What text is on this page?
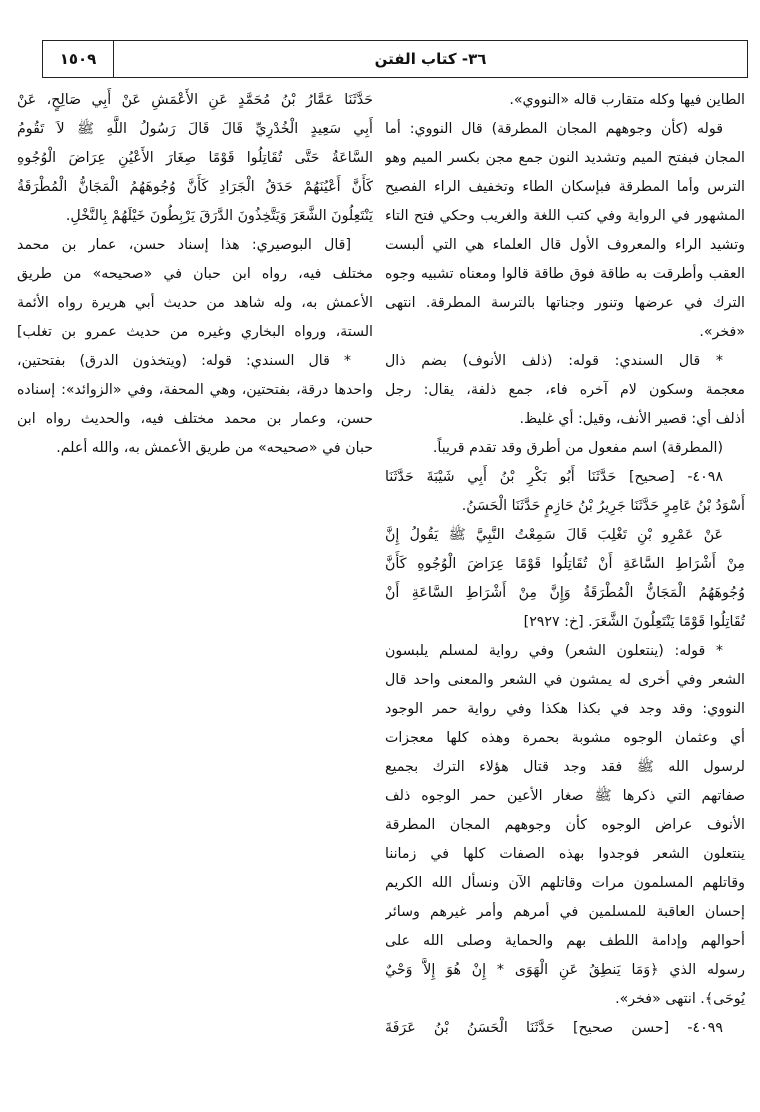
١٥٠٩	٣٦- كتاب الفتن
الطاين فيها وكله متقارب قاله «النووي».
قوله (كأن وجوههم المجان المطرقة) قال النووي: أما
المجان فبفتح الميم وتشديد النون جمع مجن بكسر الميم وهو
الترس وأما المطرقة فبإسكان الطاء وتخفيف الراء الفصيح
المشهور في الرواية وفي كتب اللغة والغريب وحكي فتح التاء
وتشيد الراء والمعروف الأول قال العلماء هي التي ألبست
العقب وأطرقت به طاقة فوق طاقة قالوا ومعناه تشبيه وجوه
الترك في عرضها وتنور وجناتها بالترسة المطرقة. انتهى
«فخر».
* قال السندي: قوله: (ذلف الأنوف) بضم ذال
معجمة وسكون لام آخره فاء، جمع ذلفة، يقال: رجل
أذلف أي: قصير الأنف، وقيل: أي غليظ.
(المطرقة) اسم مفعول من أطرق وقد تقدم قريباً.
٤٠٩٨- [صحيح] حَدَّثَنَا أَبُو بَكْرِ بْنُ أَبِي شَيْبَةَ حَدَّثَنَا
أَسْوَدُ بْنُ عَامِرٍ حَدَّثَنَا جَرِيرُ بْنُ حَازِمٍ حَدَّثَنَا الْحَسَنُ.
عَنْ عَمْرِو بْنِ تَغْلِبَ قَالَ سَمِعْتُ النَّبِيَّ ﷺ يَقُولُ إِنَّ
مِنْ أَشْرَاطِ السَّاعَةِ أَنْ تُقَاتِلُوا قَوْمًا عِرَاضَ الْوُجُوهِ كَأَنَّ
وُجُوهَهُمُ الْمَجَانُّ الْمُطْرَقَةُ وَإِنَّ مِنْ أَشْرَاطِ السَّاعَةِ أَنْ
تُقَاتِلُوا قَوْمًا يَنْتَعِلُونَ الشَّعَرَ. [خ: ٢٩٢٧]
* قوله: (ينتعلون الشعر) وفي رواية لمسلم يلبسون
الشعر وفي أخرى له يمشون في الشعر والمعنى واحد قال
النووي: وقد وجد في بكذا هكذا وفي رواية حمر الوجود
أي وعثمان الوجوه مشوبة بحمرة وهذه كلها معجزات
لرسول الله ﷺ فقد وجد قتال هؤلاء الترك بجميع
صفاتهم التي ذكرها ﷺ صغار الأعين حمر الوجوه ذلف
الأنوف عراض الوجوه كأن وجوههم المجان المطرقة
ينتعلون الشعر فوجدوا بهذه الصفات كلها في زماننا
وقاتلهم المسلمون مرات وقاتلهم الآن ونسأل الله الكريم
إحسان العاقبة للمسلمين في أمرهم وأمر غيرهم وسائر
أحوالهم وإدامة اللطف بهم والحماية وصلى الله على
رسوله الذي ﴿وَمَا يَنطِقُ عَنِ الْهَوَى * إِنْ هُوَ إِلاَّ وَحْيٌ
يُوحَى﴾. انتهى «فخر».
٤٠٩٩- [حسن صحيح] حَدَّثَنَا الْحَسَنُ بْنُ عَرَفَةَ
حَدَّثَنَا عَمَّارُ بْنُ مُحَمَّدٍ عَنِ الأَعْمَشِ عَنْ أَبِي صَالِحٍ، عَنْ
أَبِي سَعِيدٍ الْخُدْرِيِّ قَالَ قَالَ رَسُولُ اللَّهِ ﷺ لاَ تَقُومُ
السَّاعَةُ حَتَّى تُقَاتِلُوا قَوْمًا صِغَارَ الأَعْيُنِ عِرَاضَ الْوُجُوهِ
كَأَنَّ أَعْيُنَهُمْ حَدَقُ الْجَرَادِ كَأَنَّ وُجُوهَهُمُ الْمَجَانُّ الْمُطْرَقَةُ
يَنْتَعِلُونَ الشَّعَرَ وَيَتَّخِذُونَ الدَّرَقَ يَرْبِطُونَ خَيْلَهُمْ بِالنَّخْلِ.
[قال البوصيري: هذا إسناد حسن، عمار بن محمد
مختلف فيه، رواه ابن حبان في «صحيحه» من طريق
الأعمش به، وله شاهد من حديث أبي هريرة رواه الأئمة
الستة، ورواه البخاري وغيره من حديث عمرو بن تغلب]
* قال السندي: قوله: (ويتخذون الدرق) بفتحتين،
واحدها درقة، بفتحتين، وهي المحفة، وفي «الزوائد»: إسناده
حسن، وعمار بن محمد مختلف فيه، والحديث رواه ابن
حبان في «صحيحه» من طريق الأعمش به، والله أعلم.
